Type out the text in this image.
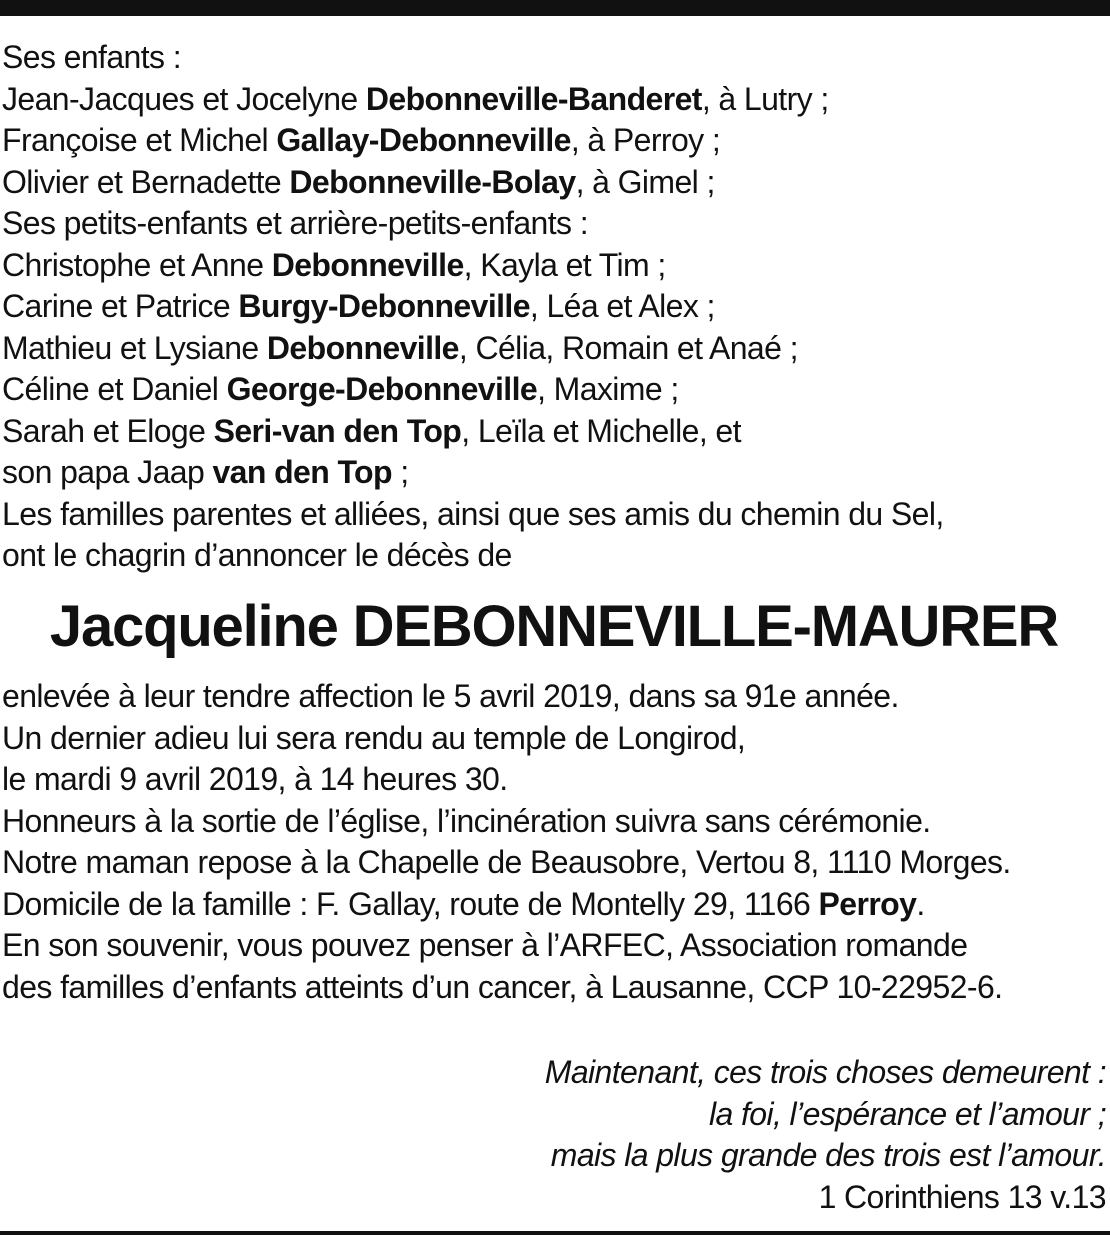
Ses enfants :
Jean-Jacques et Jocelyne Debonneville-Banderet, à Lutry ;
Françoise et Michel Gallay-Debonneville, à Perroy ;
Olivier et Bernadette Debonneville-Bolay, à Gimel ;
Ses petits-enfants et arrière-petits-enfants :
Christophe et Anne Debonneville, Kayla et Tim ;
Carine et Patrice Burgy-Debonneville, Léa et Alex ;
Mathieu et Lysiane Debonneville, Célia, Romain et Anaé ;
Céline et Daniel George-Debonneville, Maxime ;
Sarah et Eloge Seri-van den Top, Leïla et Michelle, et
son papa Jaap van den Top ;
Les familles parentes et alliées, ainsi que ses amis du chemin du Sel,
ont le chagrin d’annoncer le décès de
Jacqueline DEBONNEVILLE-MAURER
enlevée à leur tendre affection le 5 avril 2019, dans sa 91e année.
Un dernier adieu lui sera rendu au temple de Longirod,
le mardi 9 avril 2019, à 14 heures 30.
Honneurs à la sortie de l’église, l’incinération suivra sans cérémonie.
Notre maman repose à la Chapelle de Beausobre, Vertou 8, 1110 Morges.
Domicile de la famille : F. Gallay, route de Montelly 29, 1166 Perroy.
En son souvenir, vous pouvez penser à l’ARFEC, Association romande
des familles d’enfants atteints d’un cancer, à Lausanne, CCP 10-22952-6.
Maintenant, ces trois choses demeurent :
la foi, l’espérance et l’amour ;
mais la plus grande des trois est l’amour.
1 Corinthiens 13 v.13
